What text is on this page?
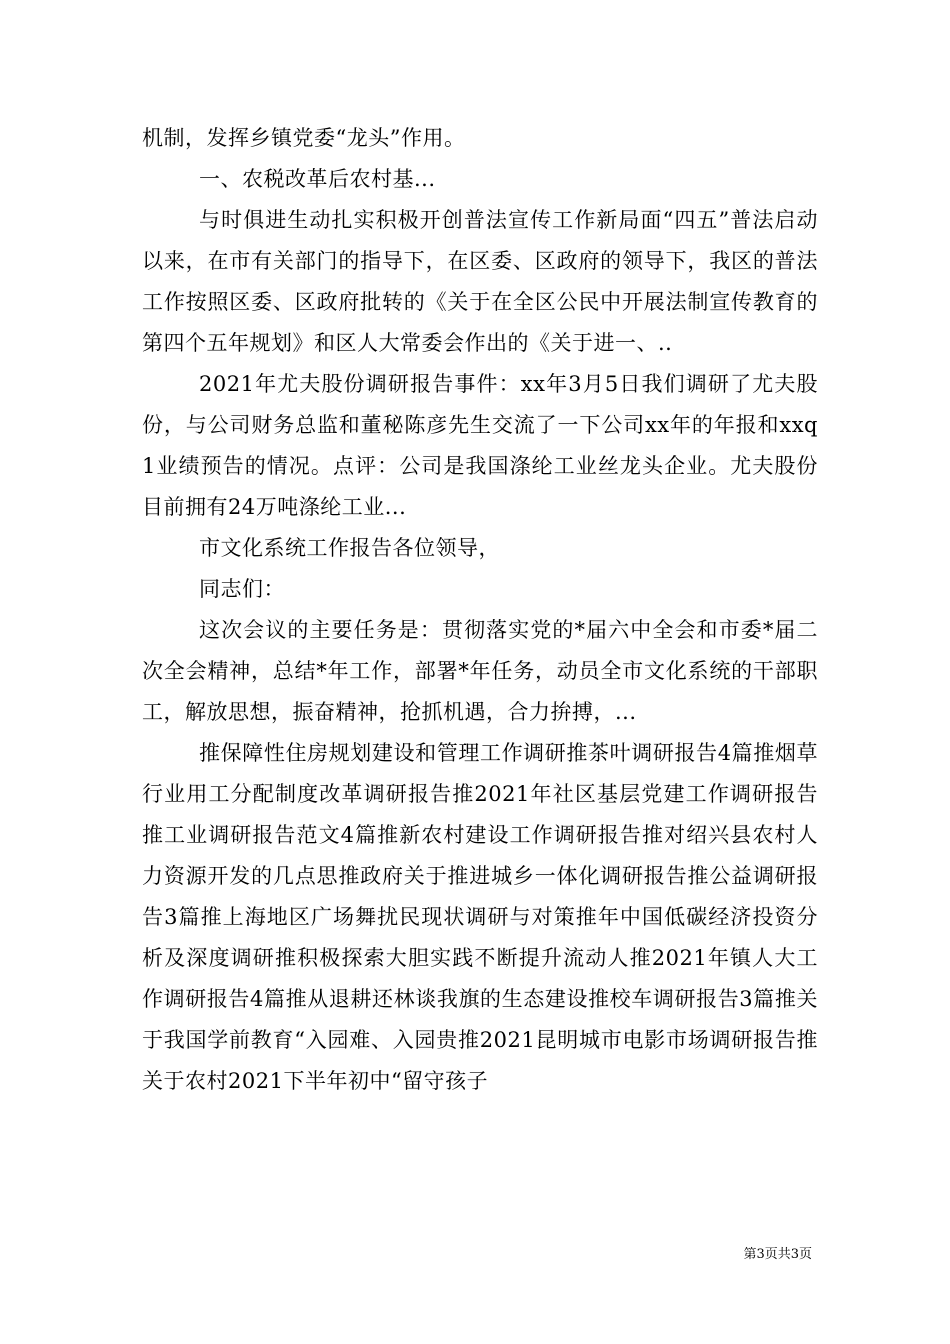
机制，发挥乡镇党委“龙头”作用。

一、农税改革后农村基...

与时俱进生动扎实积极开创普法宣传工作新局面“四五”普法启动以来，在市有关部门的指导下，在区委、区政府的领导下，我区的普法工作按照区委、区政府批转的《关于在全区公民中开展法制宣传教育的第四个五年规划》和区人大常委会作出的《关于进一、..

2021年尤夫股份调研报告事件：xx年3月5日我们调研了尤夫股份，与公司财务总监和董秘陈彦先生交流了一下公司xx年的年报和xxq1业绩预告的情况。点评：公司是我国涤纶工业丝龙头企业。尤夫股份目前拥有24万吨涤纶工业...

市文化系统工作报告各位领导，

同志们：

这次会议的主要任务是：贯彻落实党的*届六中全会和市委*届二次全会精神，总结*年工作，部署*年任务，动员全市文化系统的干部职工，解放思想，振奋精神，抢抓机遇，合力拚搏，...

推保障性住房规划建设和管理工作调研推茶叶调研报告4篇推烟草行业用工分配制度改革调研报告推2021年社区基层党建工作调研报告推工业调研报告范文4篇推新农村建设工作调研报告推对绍兴县农村人力资源开发的几点思推政府关于推进城乡一体化调研报告推公益调研报告3篇推上海地区广场舞扰民现状调研与对策推年中国低碳经济投资分析及深度调研推积极探索大胆实践不断提升流动人推2021年镇人大工作调研报告4篇推从退耕还林谈我旗的生态建设推校车调研报告3篇推关于我国学前教育“入园难、入园贵推2021昆明城市电影市场调研报告推关于农村2021下半年初中“留守孩子

第3页共3页
